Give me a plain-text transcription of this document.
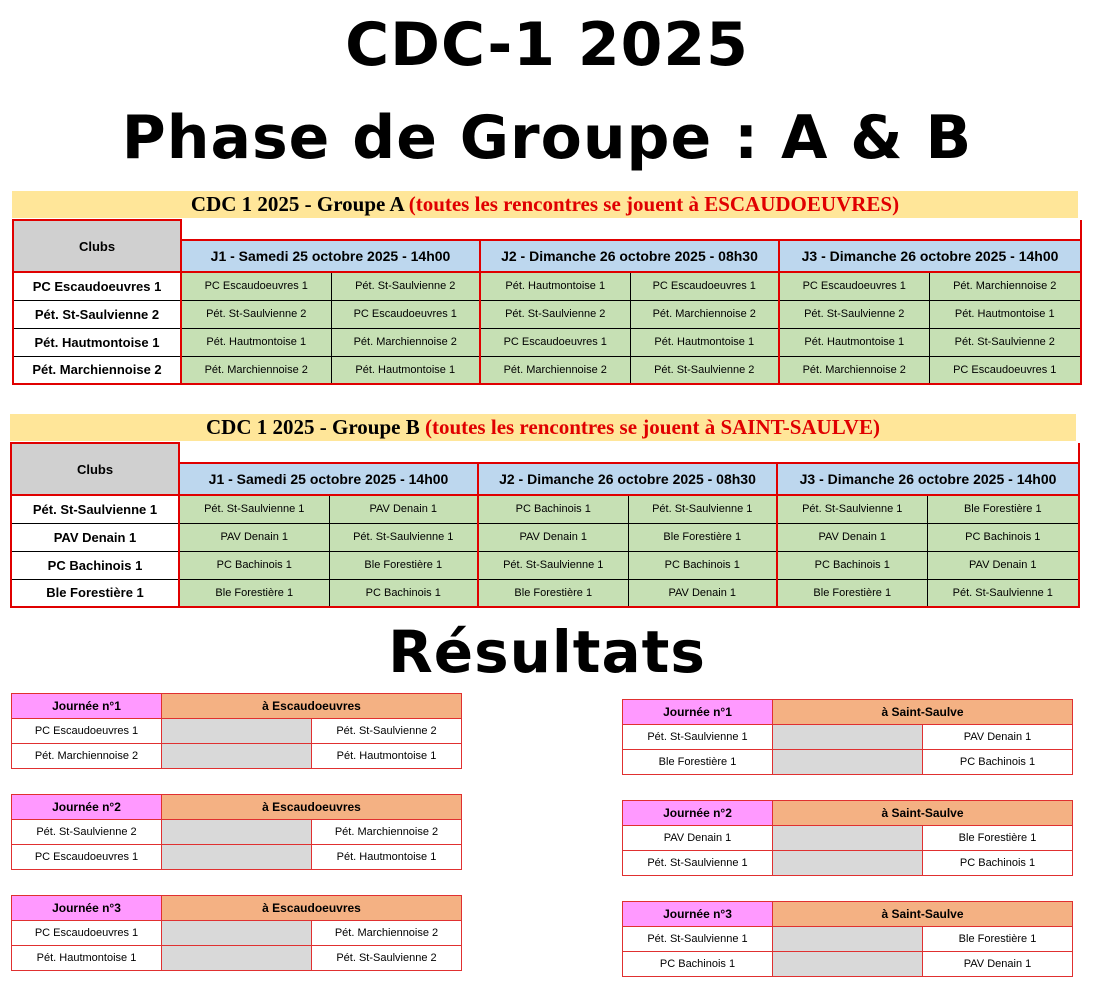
CDC-1 2025
Phase de Groupe : A & B
CDC 1 2025 - Groupe A (toutes les rencontres se jouent à ESCAUDOEUVRES)
Clubs						
	J1 - Samedi 25 octobre 2025 - 14h00		J2 - Dimanche 26 octobre 2025 - 08h30		J3 - Dimanche 26 octobre 2025 - 14h00	
PC Escaudoeuvres 1	PC Escaudoeuvres 1	Pét. St-Saulvienne 2	Pét. Hautmontoise 1	PC Escaudoeuvres 1	PC Escaudoeuvres 1	Pét. Marchiennoise 2
Pét. St-Saulvienne 2	Pét. St-Saulvienne 2	PC Escaudoeuvres 1	Pét. St-Saulvienne 2	Pét. Marchiennoise 2	Pét. St-Saulvienne 2	Pét. Hautmontoise 1
Pét. Hautmontoise 1	Pét. Hautmontoise 1	Pét. Marchiennoise 2	PC Escaudoeuvres 1	Pét. Hautmontoise 1	Pét. Hautmontoise 1	Pét. St-Saulvienne 2
Pét. Marchiennoise 2	Pét. Marchiennoise 2	Pét. Hautmontoise 1	Pét. Marchiennoise 2	Pét. St-Saulvienne 2	Pét. Marchiennoise 2	PC Escaudoeuvres 1
CDC 1 2025 - Groupe B (toutes les rencontres se jouent à SAINT-SAULVE)
Clubs						
	J1 - Samedi 25 octobre 2025 - 14h00		J2 - Dimanche 26 octobre 2025 - 08h30		J3 - Dimanche 26 octobre 2025 - 14h00	
Pét. St-Saulvienne 1	Pét. St-Saulvienne 1	PAV Denain 1	PC Bachinois 1	Pét. St-Saulvienne 1	Pét. St-Saulvienne 1	Ble Forestière 1
PAV Denain 1	PAV Denain 1	Pét. St-Saulvienne 1	PAV Denain 1	Ble Forestière 1	PAV Denain 1	PC Bachinois 1
PC Bachinois 1	PC Bachinois 1	Ble Forestière 1	Pét. St-Saulvienne 1	PC Bachinois 1	PC Bachinois 1	PAV Denain 1
Ble Forestière 1	Ble Forestière 1	PC Bachinois 1	Ble Forestière 1	PAV Denain 1	Ble Forestière 1	Pét. St-Saulvienne 1
Résultats
Journée n°1	à Escaudoeuvres	
PC Escaudoeuvres 1		Pét. St-Saulvienne 2
Pét. Marchiennoise 2		Pét. Hautmontoise 1
Journée n°2	à Escaudoeuvres	
Pét. St-Saulvienne 2		Pét. Marchiennoise 2
PC Escaudoeuvres 1		Pét. Hautmontoise 1
Journée n°3	à Escaudoeuvres	
PC Escaudoeuvres 1		Pét. Marchiennoise 2
Pét. Hautmontoise 1		Pét. St-Saulvienne 2
Journée n°1	à Saint-Saulve	
Pét. St-Saulvienne 1		PAV Denain 1
Ble Forestière 1		PC Bachinois 1
Journée n°2	à Saint-Saulve	
PAV Denain 1		Ble Forestière 1
Pét. St-Saulvienne 1		PC Bachinois 1
Journée n°3	à Saint-Saulve	
Pét. St-Saulvienne 1		Ble Forestière 1
PC Bachinois 1		PAV Denain 1
